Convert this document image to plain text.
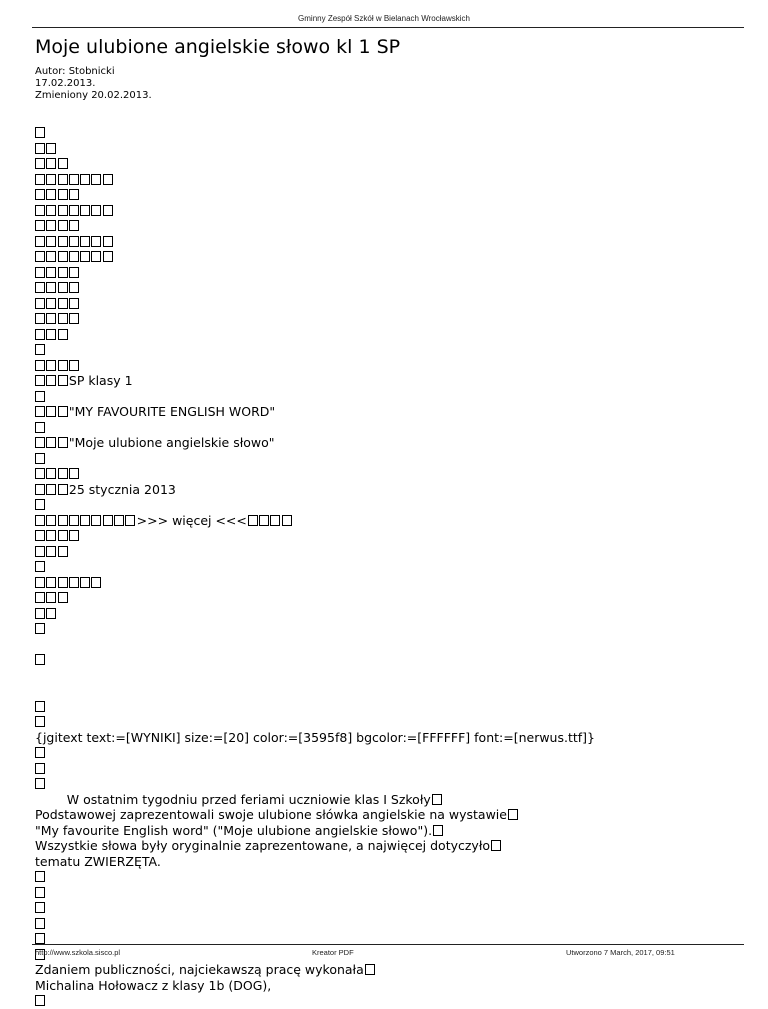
Gminny Zespół Szkół w Bielanach Wrocławskich
Moje ulubione angielskie słowo kl 1 SP
Autor: Stobnicki
17.02.2013.
Zmieniony 20.02.2013.
SP klasy 1
"MY FAVOURITE ENGLISH WORD"
"Moje ulubione angielskie słowo"
25 stycznia 2013
>>> więcej <<<
{jgitext text:=[WYNIKI] size:=[20] color:=[3595f8] bgcolor:=[FFFFFF] font:=[nerwus.ttf]}
W ostatnim tygodniu przed feriami uczniowie klas I Szkoły
Podstawowej zaprezentowali swoje ulubione słówka angielskie na wystawie
"My favourite English word" ("Moje ulubione angielskie słowo").
Wszystkie słowa były oryginalnie zaprezentowane, a najwięcej dotyczyło
tematu ZWIERZĘTA.
Zdaniem publiczności, najciekawszą pracę wykonała
Michalina Hołowacz z klasy 1b (DOG),
http://www.szkola.sisco.pl	Kreator PDF	Utworzono 7 March, 2017, 09:51
